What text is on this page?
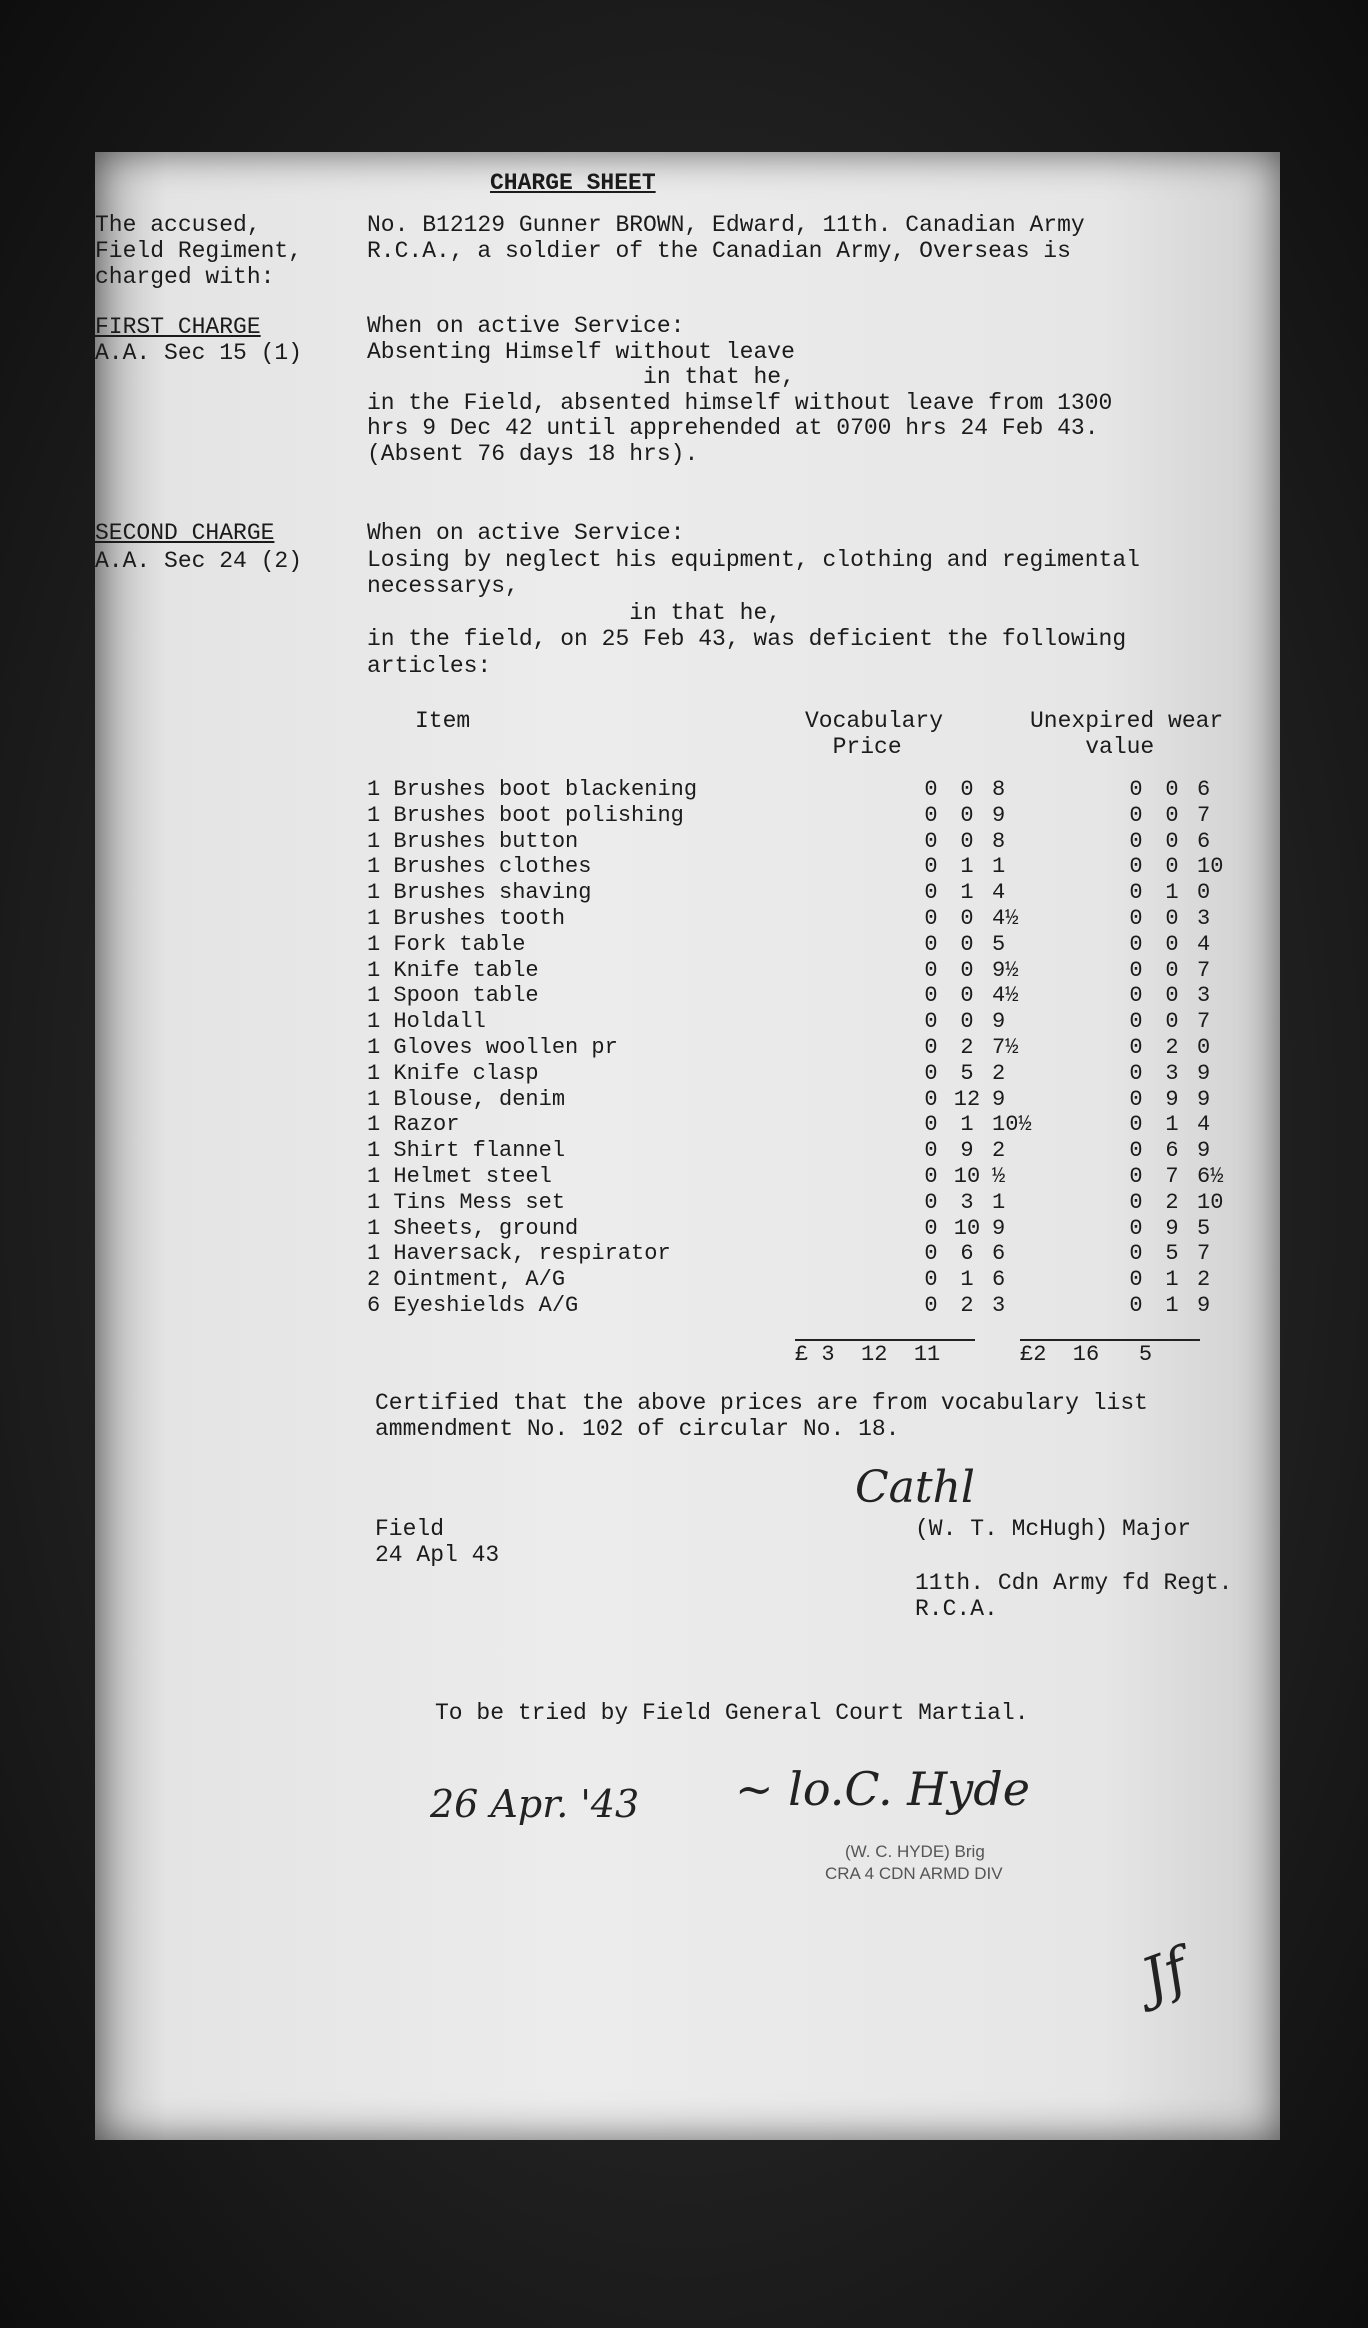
CHARGE SHEET
The accused,
Field Regiment,
charged with:
No. B12129 Gunner BROWN, Edward, 11th. Canadian Army
R.C.A., a soldier of the Canadian Army, Overseas is
FIRST CHARGE
A.A. Sec 15 (1)
When on active Service:
Absenting Himself without leave
in that he,
in the Field, absented himself without leave from 1300
hrs 9 Dec 42 until apprehended at 0700 hrs 24 Feb 43.
(Absent 76 days 18 hrs).
SECOND CHARGE
A.A. Sec 24 (2)
When on active Service:
Losing by neglect his equipment, clothing and regimental
necessarys,
in that he,
in the field, on 25 Feb 43, was deficient the following
articles:
Item	Vocabulary
Price
Unexpired wear
value
1 Brushes boot blackening	0	0 8	0	0 6
1 Brushes boot polishing	0	0 9	0	0 7
1 Brushes button	0	0 8	0	0 6
1 Brushes clothes	0	1 1	0	0 10
1 Brushes shaving	0	1 4	0	1 0
1 Brushes tooth	0	0 4½	0	0 3
1 Fork table	0	0 5	0	0 4
1 Knife table	0	0 9½	0	0 7
1 Spoon table	0	0 4½	0	0 3
1 Holdall	0	0 9	0	0 7
1 Gloves woollen pr	0	2 7½	0	2 0
1 Knife clasp	0	5 2	0	3 9
1 Blouse, denim	0 12 9	0	9 9
1 Razor	0	1 10½	0	1 4
1 Shirt flannel	0	9 2	0	6 9
1 Helmet steel	0 10 ½	0	7 6½
1 Tins Mess set	0	3 1	0	2 10
1 Sheets, ground	0 10 9	0	9 5
1 Haversack, respirator	0	6 6	0	5 7
2 Ointment, A/G	0	1 6	0	1 2
6 Eyeshields A/G	0	2 3	0	1 9
£ 3  12  11	£2  16   5
Certified that the above prices are from vocabulary list
ammendment No. 102 of circular No. 18.
Cathl
Field
24 Apl 43
(W. T. McHugh) Major
11th. Cdn Army fd Regt.
R.C.A.
To be tried by Field General Court Martial.
26 Apr. '43 ~ lo.C. Hyde
(W. C. HYDE) Brig
CRA 4 CDN ARMD DIV
Jf
